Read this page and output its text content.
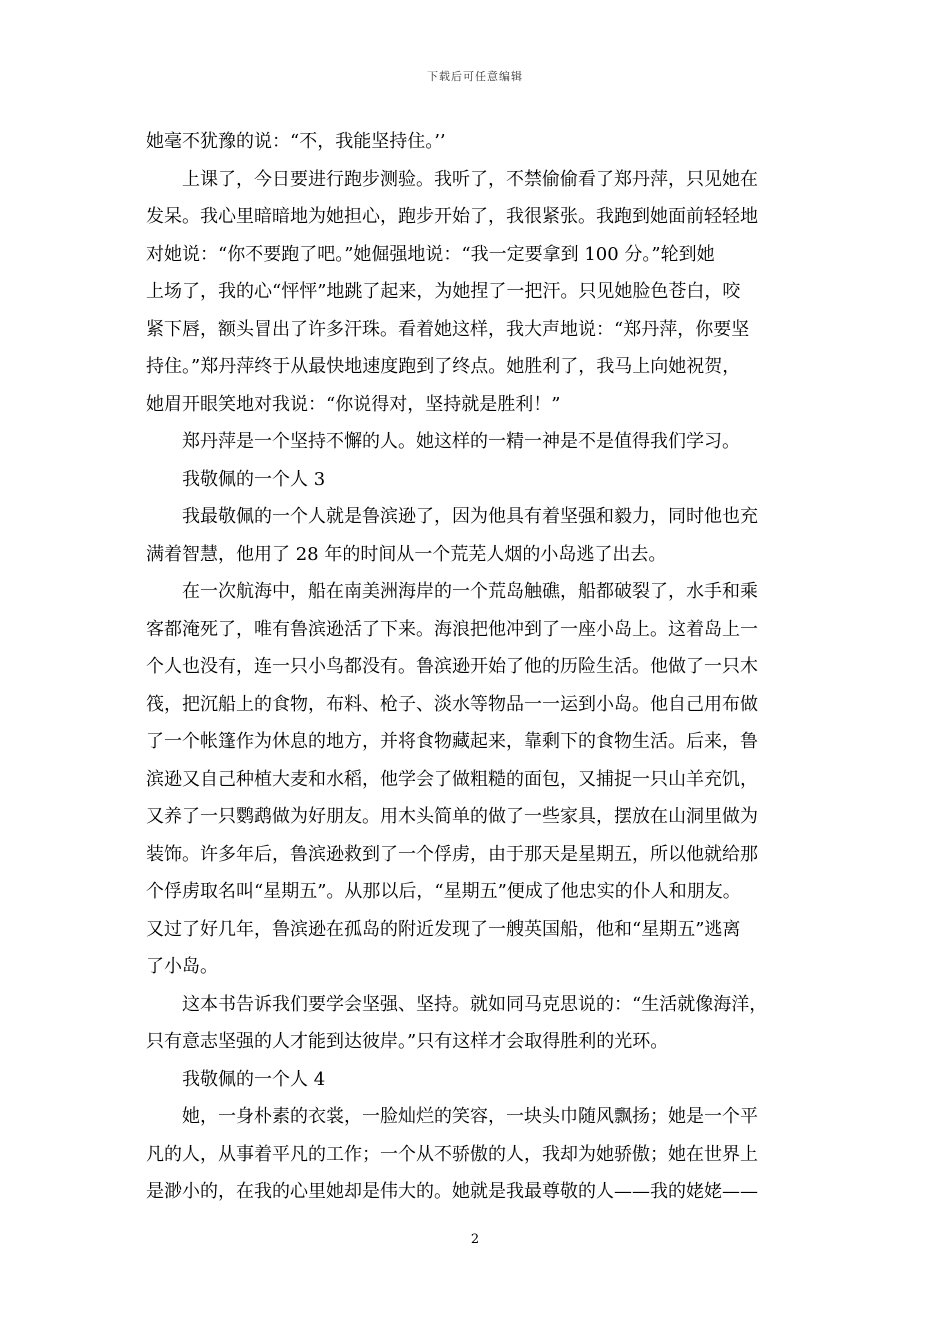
下载后可任意编辑
她毫不犹豫的说：“不，我能坚持住。’’
上课了，今日要进行跑步测验。我听了，不禁偷偷看了郑丹萍，只见她在
发呆。我心里暗暗地为她担心，跑步开始了，我很紧张。我跑到她面前轻轻地
对她说：“你不要跑了吧。”她倔强地说：“我一定要拿到 100 分。”轮到她
上场了，我的心“怦怦”地跳了起来，为她捏了一把汗。只见她脸色苍白，咬
紧下唇，额头冒出了许多汗珠。看着她这样，我大声地说：“郑丹萍，你要坚
持住。”郑丹萍终于从最快地速度跑到了终点。她胜利了，我马上向她祝贺，
她眉开眼笑地对我说：“你说得对，坚持就是胜利！”
郑丹萍是一个坚持不懈的人。她这样的一精一神是不是值得我们学习。
我敬佩的一个人 3
我最敬佩的一个人就是鲁滨逊了，因为他具有着坚强和毅力，同时他也充
满着智慧，他用了 28 年的时间从一个荒芜人烟的小岛逃了出去。
在一次航海中，船在南美洲海岸的一个荒岛触礁，船都破裂了，水手和乘
客都淹死了，唯有鲁滨逊活了下来。海浪把他冲到了一座小岛上。这着岛上一
个人也没有，连一只小鸟都没有。鲁滨逊开始了他的历险生活。他做了一只木
筏，把沉船上的食物，布料、枪子、淡水等物品一一运到小岛。他自己用布做
了一个帐篷作为休息的地方，并将食物藏起来，靠剩下的食物生活。后来，鲁
滨逊又自己种植大麦和水稻，他学会了做粗糙的面包，又捕捉一只山羊充饥，
又养了一只鹦鹉做为好朋友。用木头简单的做了一些家具，摆放在山洞里做为
装饰。许多年后，鲁滨逊救到了一个俘虏，由于那天是星期五，所以他就给那
个俘虏取名叫“星期五”。从那以后，“星期五”便成了他忠实的仆人和朋友。
又过了好几年，鲁滨逊在孤岛的附近发现了一艘英国船，他和“星期五”逃离
了小岛。
这本书告诉我们要学会坚强、坚持。就如同马克思说的：“生活就像海洋，
只有意志坚强的人才能到达彼岸。”只有这样才会取得胜利的光环。
我敬佩的一个人 4
她，一身朴素的衣裳，一脸灿烂的笑容，一块头巾随风飘扬；她是一个平
凡的人，从事着平凡的工作；一个从不骄傲的人，我却为她骄傲；她在世界上
是渺小的，在我的心里她却是伟大的。她就是我最尊敬的人——我的姥姥——
2
